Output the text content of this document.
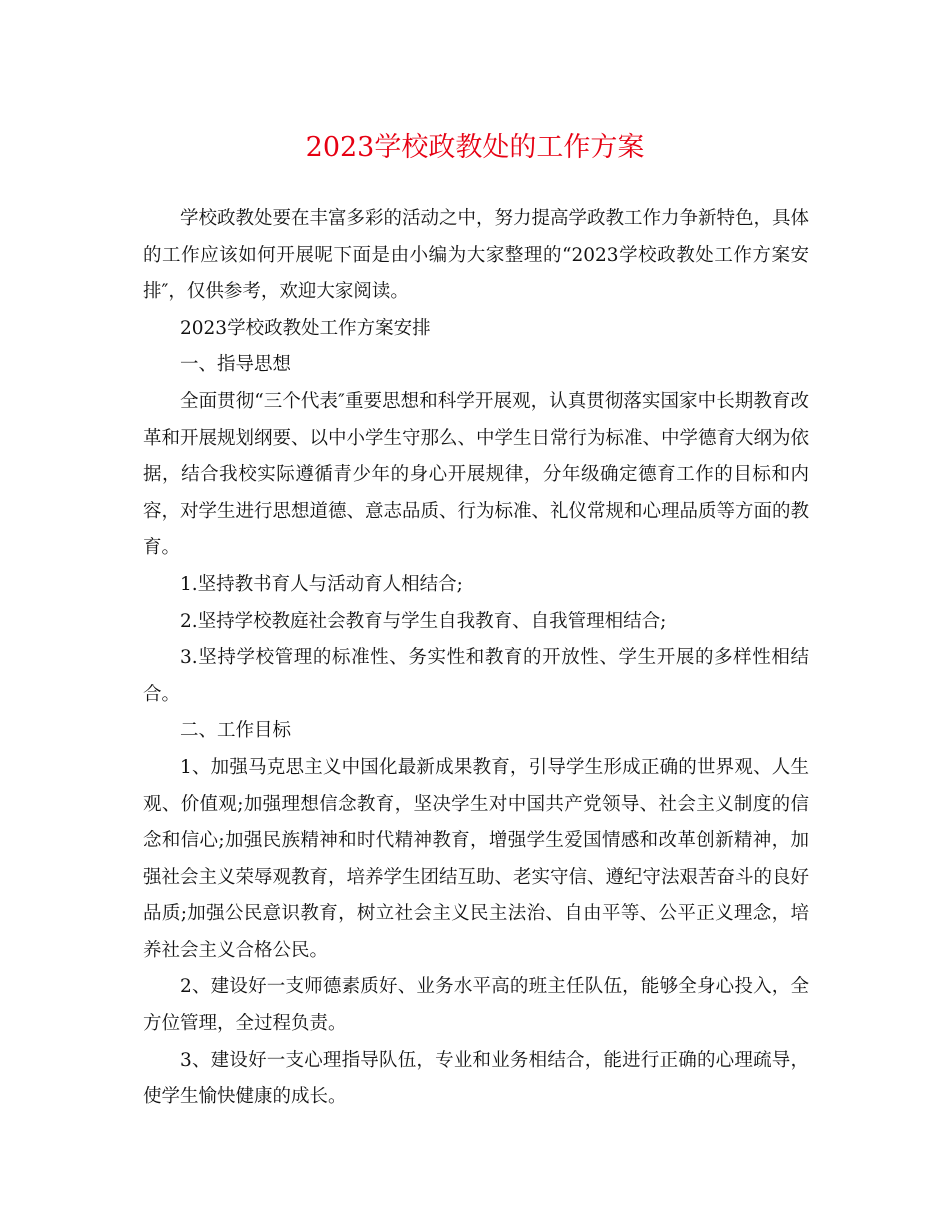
2023学校政教处的工作方案

学校政教处要在丰富多彩的活动之中，努力提高学政教工作力争新特色，具体的工作应该如何开展呢下面是由小编为大家整理的“2023学校政教处工作方案安排″，仅供参考，欢迎大家阅读。

2023学校政教处工作方案安排

一、指导思想

全面贯彻“三个代表″重要思想和科学开展观，认真贯彻落实国家中长期教育改革和开展规划纲要、以中小学生守那么、中学生日常行为标准、中学德育大纲为依据，结合我校实际遵循青少年的身心开展规律，分年级确定德育工作的目标和内容，对学生进行思想道德、意志品质、行为标准、礼仪常规和心理品质等方面的教育。

1.坚持教书育人与活动育人相结合;

2.坚持学校教庭社会教育与学生自我教育、自我管理相结合;

3.坚持学校管理的标准性、务实性和教育的开放性、学生开展的多样性相结合。

二、工作目标

1、加强马克思主义中国化最新成果教育，引导学生形成正确的世界观、人生观、价值观;加强理想信念教育，坚决学生对中国共产党领导、社会主义制度的信念和信心;加强民族精神和时代精神教育，增强学生爱国情感和改革创新精神，加强社会主义荣辱观教育，培养学生团结互助、老实守信、遵纪守法艰苦奋斗的良好品质;加强公民意识教育，树立社会主义民主法治、自由平等、公平正义理念，培养社会主义合格公民。

2、建设好一支师德素质好、业务水平高的班主任队伍，能够全身心投入，全方位管理，全过程负责。

3、建设好一支心理指导队伍，专业和业务相结合，能进行正确的心理疏导，使学生愉快健康的成长。
